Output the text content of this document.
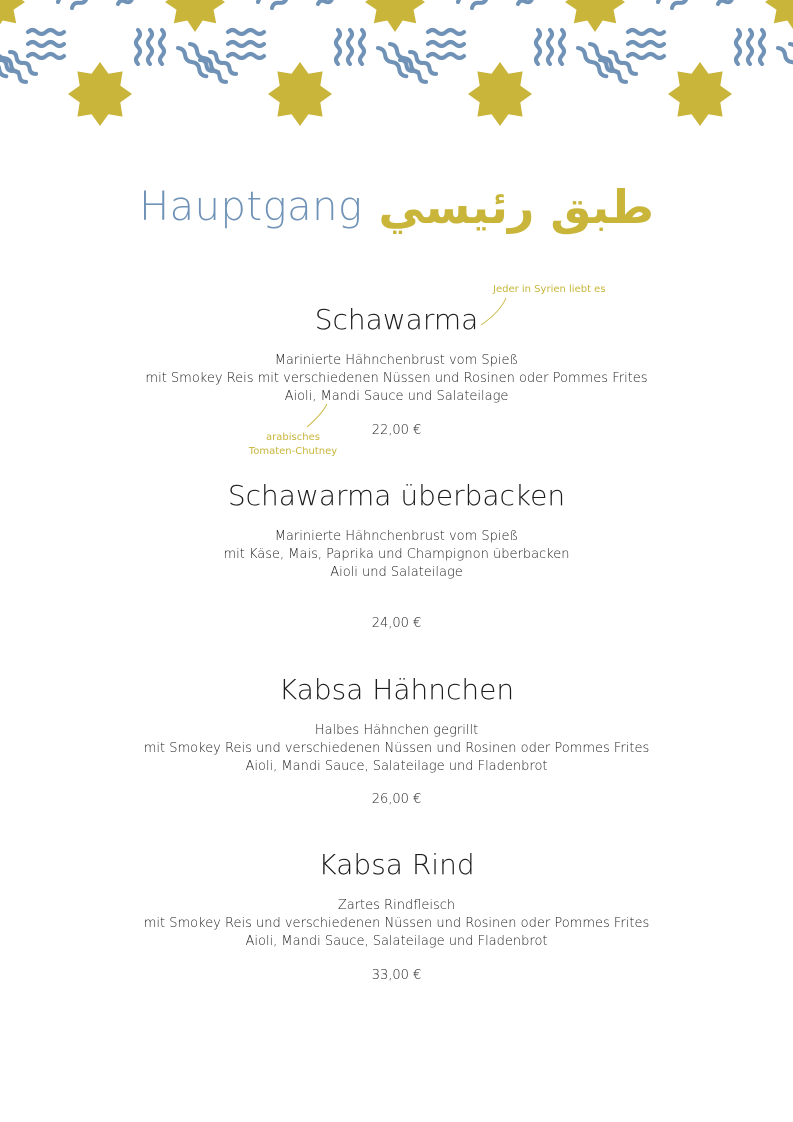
Hauptgang طبق رئيسي
Schawarma
Marinierte Hähnchenbrust vom Spieß
mit Smokey Reis mit verschiedenen Nüssen und Rosinen oder Pommes Frites
Aioli, Mandi Sauce und Salateilage
22,00 €
Schawarma überbacken
Marinierte Hähnchenbrust vom Spieß
mit Käse, Mais, Paprika und Champignon überbacken
Aioli und Salateilage
24,00 €
Kabsa Hähnchen
Halbes Hähnchen gegrillt
mit Smokey Reis und verschiedenen Nüssen und Rosinen oder Pommes Frites
Aioli, Mandi Sauce, Salateilage und Fladenbrot
26,00 €
Kabsa Rind
Zartes Rindfleisch
mit Smokey Reis und verschiedenen Nüssen und Rosinen oder Pommes Frites
Aioli, Mandi Sauce, Salateilage und Fladenbrot
33,00 €
Jeder in Syrien liebt es
arabisches
Tomaten-Chutney
